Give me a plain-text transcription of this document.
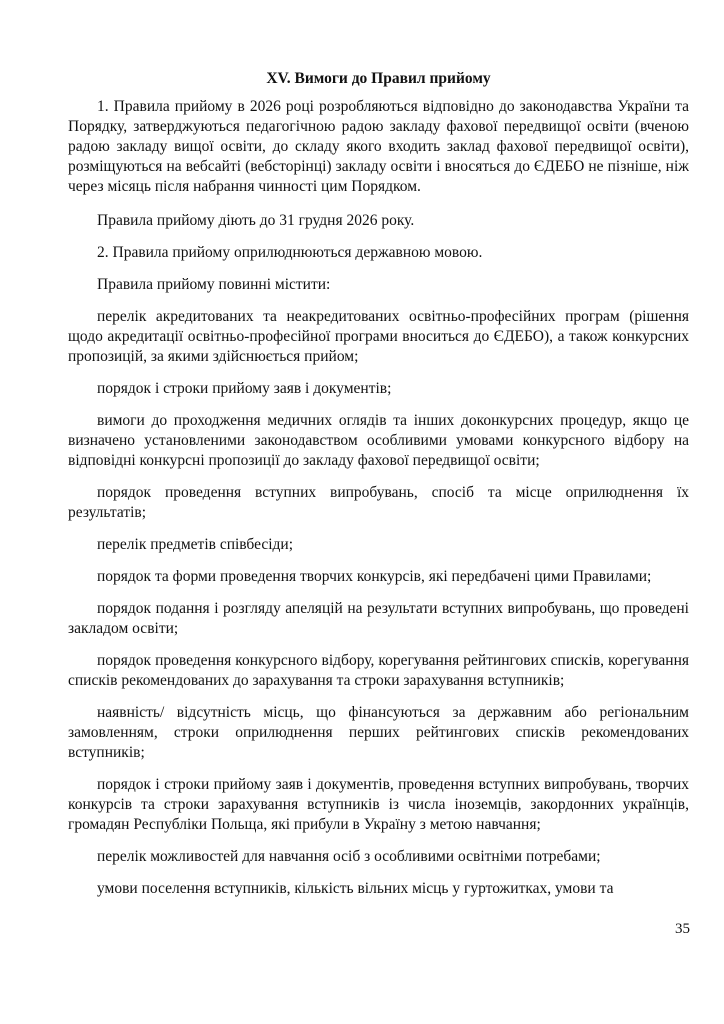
XV. Вимоги до Правил прийому

1. Правила прийому в 2026 році розробляються відповідно до законодавства України та Порядку, затверджуються педагогічною радою закладу фахової передвищої освіти (вченою радою закладу вищої освіти, до складу якого входить заклад фахової передвищої освіти), розміщуються на вебсайті (вебсторінці) закладу освіти і вносяться до ЄДЕБО не пізніше, ніж через місяць після набрання чинності цим Порядком.

Правила прийому діють до 31 грудня 2026 року.

2. Правила прийому оприлюднюються державною мовою.

Правила прийому повинні містити:

перелік акредитованих та неакредитованих освітньо-професійних програм (рішення щодо акредитації освітньо-професійної програми вноситься до ЄДЕБО), а також конкурсних пропозицій, за якими здійснюється прийом;

порядок і строки прийому заяв і документів;

вимоги до проходження медичних оглядів та інших доконкурсних процедур, якщо це визначено установленими законодавством особливими умовами конкурсного відбору на відповідні конкурсні пропозиції до закладу фахової передвищої освіти;

порядок проведення вступних випробувань, спосіб та місце оприлюднення їх результатів;

перелік предметів співбесіди;

порядок та форми проведення творчих конкурсів, які передбачені цими Правилами;

порядок подання і розгляду апеляцій на результати вступних випробувань, що проведені закладом освіти;

порядок проведення конкурсного відбору, корегування рейтингових списків, корегування списків рекомендованих до зарахування та строки зарахування вступників;

наявність/ відсутність місць, що фінансуються за державним або регіональним замовленням, строки оприлюднення перших рейтингових списків рекомендованих вступників;

порядок і строки прийому заяв і документів, проведення вступних випробувань, творчих конкурсів та строки зарахування вступників із числа іноземців, закордонних українців, громадян Республіки Польща, які прибули в Україну з метою навчання;

перелік можливостей для навчання осіб з особливими освітніми потребами;

умови поселення вступників, кількість вільних місць у гуртожитках, умови та

35
